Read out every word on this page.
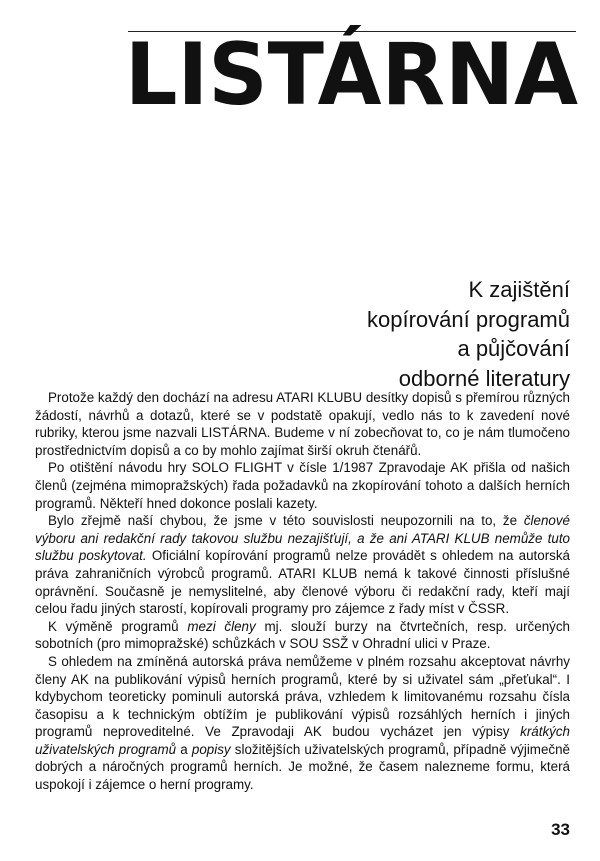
LISTÁRNA
K zajištění
kopírování programů
a půjčování
odborné literatury

Protože každý den dochází na adresu ATARI KLUBU desítky dopisů s přemírou různých žádostí, návrhů a dotazů, které se v podstatě opakují, vedlo nás to k zavedení nové rubriky, kterou jsme nazvali LISTÁRNA. Budeme v ní zobecňovat to, co je nám tlumočeno prostřednictvím dopisů a co by mohlo zajímat širší okruh čtenářů.

Po otištění návodu hry SOLO FLIGHT v čísle 1/1987 Zpravodaje AK přišla od našich členů (zejména mimopražských) řada požadavků na zkopírování tohoto a dalších herních programů. Někteří hned dokonce poslali kazety.

Bylo zřejmě naší chybou, že jsme v této souvislosti neupozornili na to, že členové výboru ani redakční rady takovou službu nezajišťují, a že ani ATARI KLUB nemůže tuto službu poskytovat. Oficiální kopírování programů nelze provádět s ohledem na autorská práva zahraničních výrobců programů. ATARI KLUB nemá k takové činnosti příslušné oprávnění. Současně je nemyslitelné, aby členové výboru či redakční rady, kteří mají celou řadu jiných starostí, kopírovali programy pro zájemce z řady míst v ČSSR.

K výměně programů mezi členy mj. slouží burzy na čtvrtečních, resp. určených sobotních (pro mimopražské) schůzkách v SOU SSŽ v Ohradní ulici v Praze.

S ohledem na zmíněná autorská práva nemůžeme v plném rozsahu akceptovat návrhy členy AK na publikování výpisů herních programů, které by si uživatel sám „přeťukal“. I kdybychom teoreticky pominuli autorská práva, vzhledem k limitovanému rozsahu čísla časopisu a k technickým obtížím je publikování výpisů rozsáhlých herních i jiných programů neproveditelné. Ve Zpravodaji AK budou vycházet jen výpisy krátkých uživatelských programů a popisy složitějších uživatelských programů, případně výjimečně dobrých a náročných programů herních. Je možné, že časem nalezneme formu, která uspokojí i zájemce o herní programy.

33
